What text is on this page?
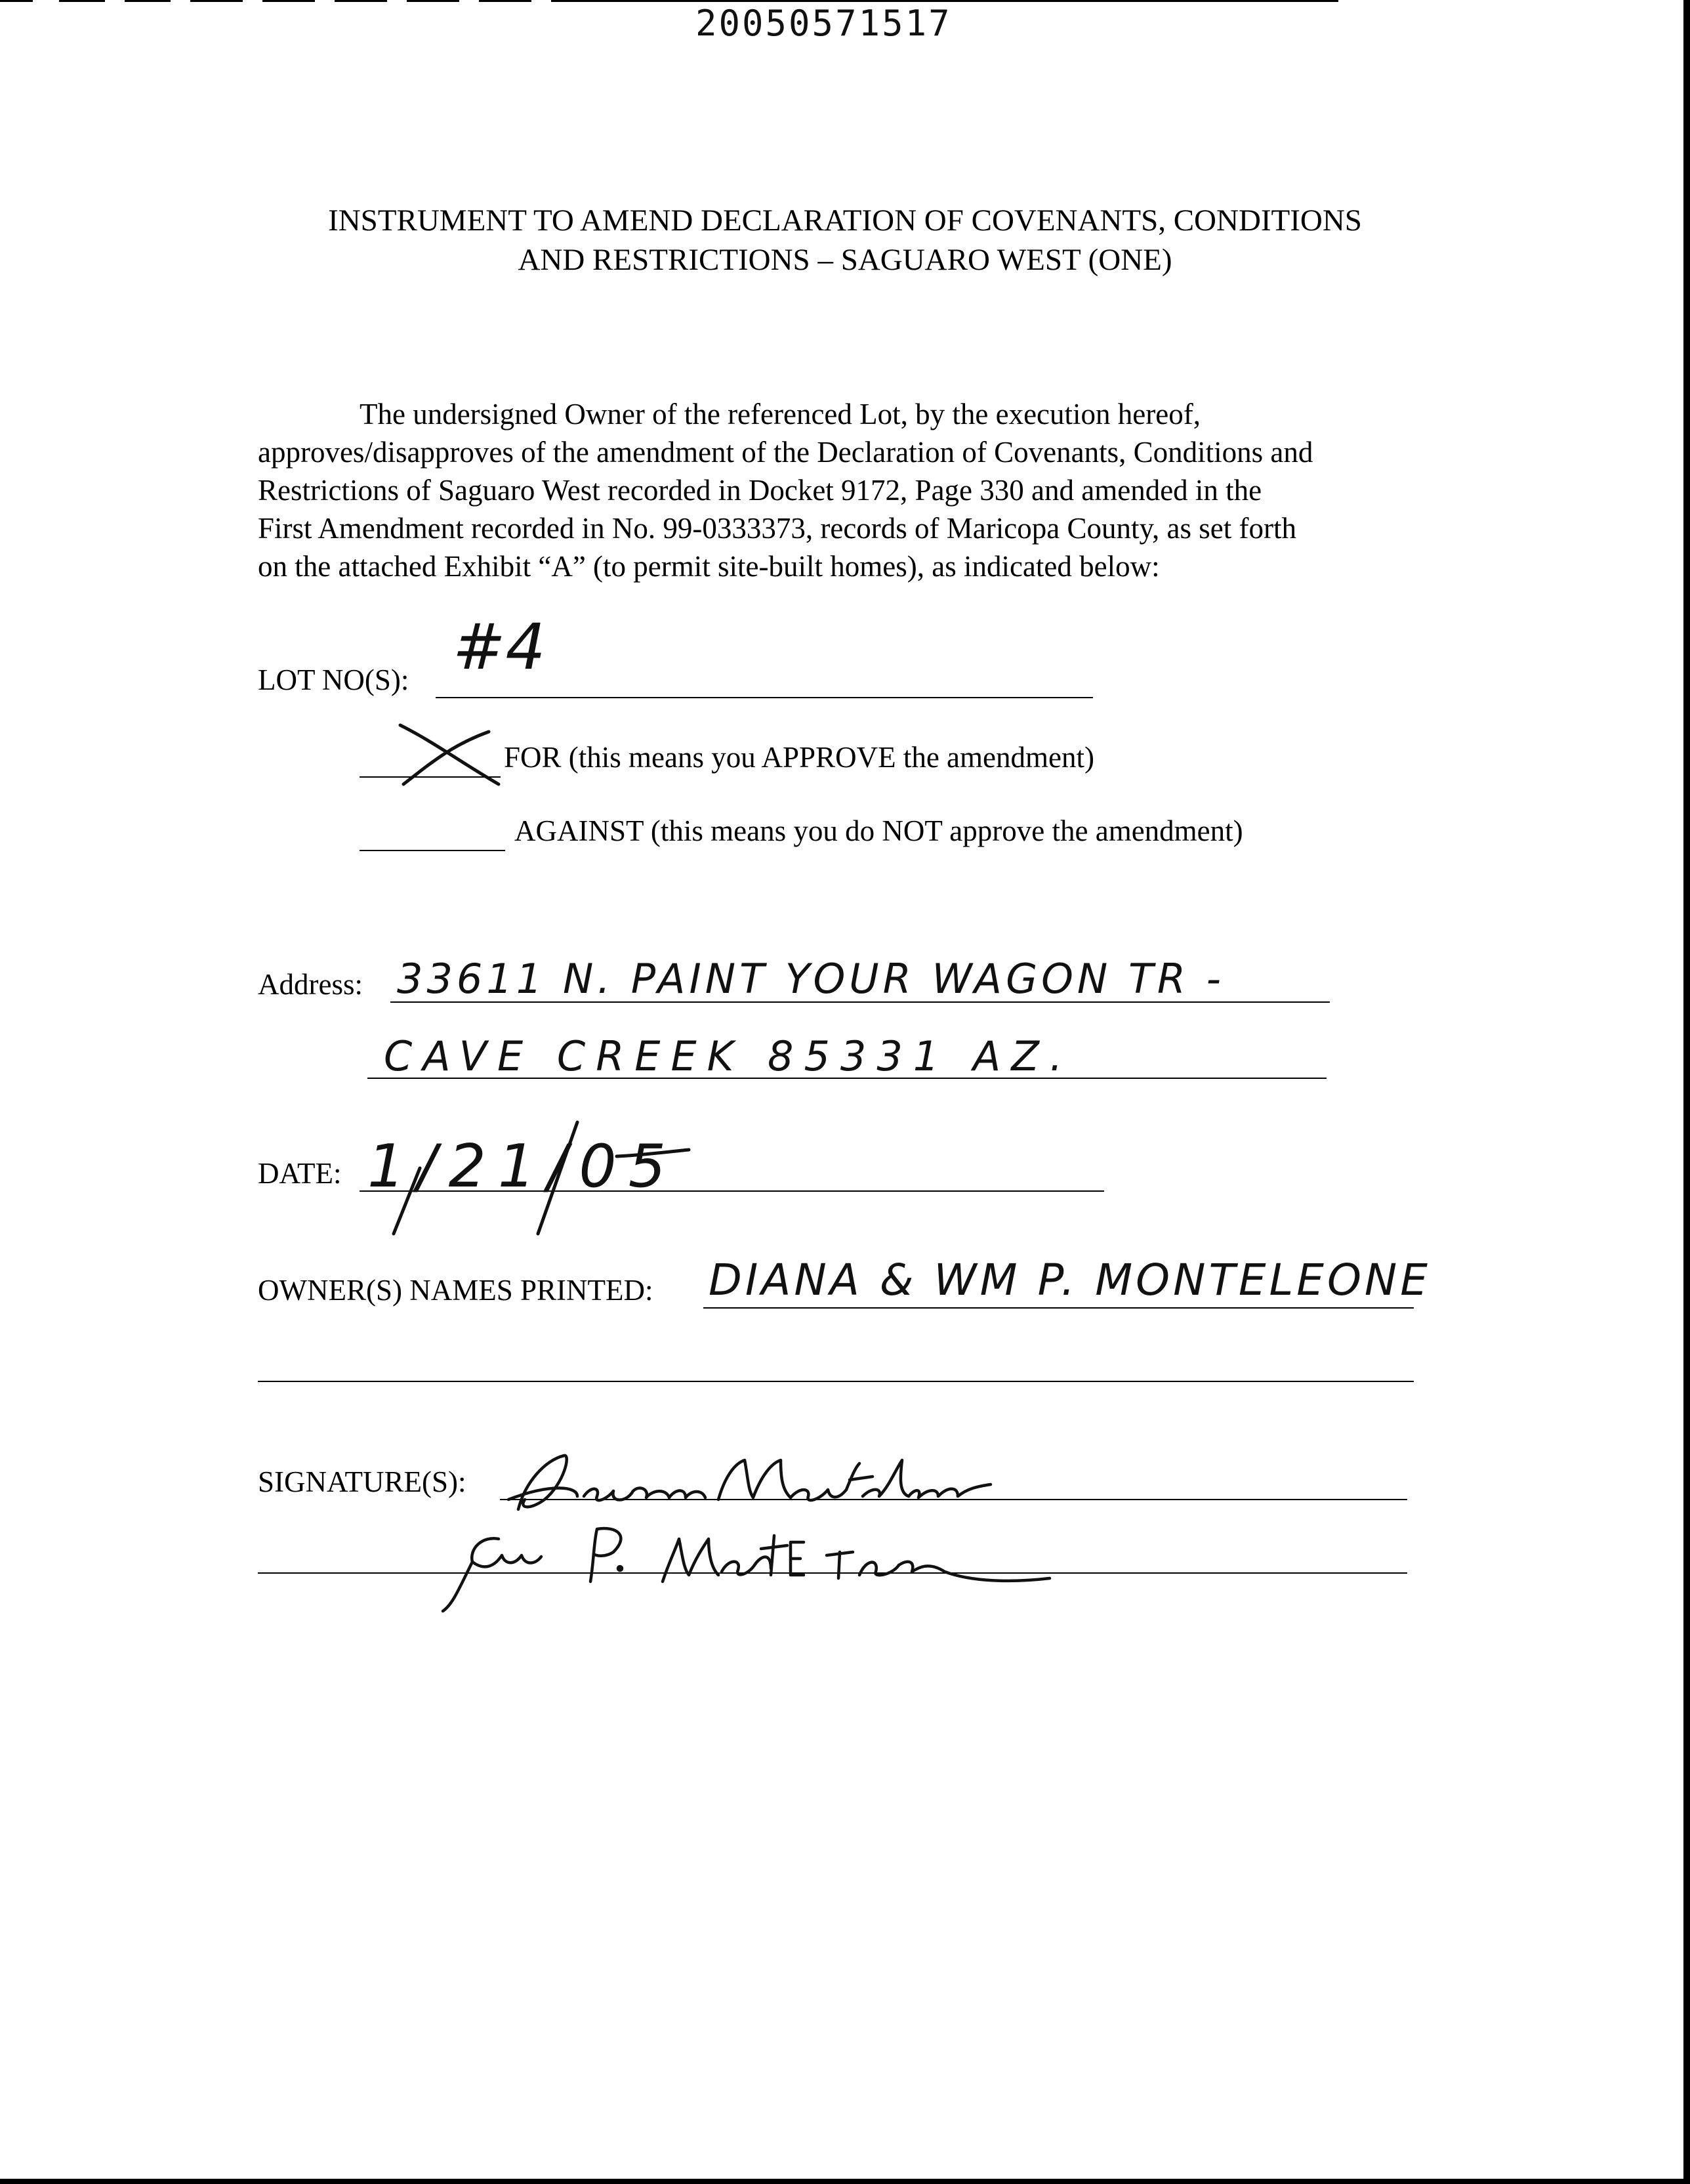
20050571517
INSTRUMENT TO AMEND DECLARATION OF COVENANTS, CONDITIONS
AND RESTRICTIONS – SAGUARO WEST (ONE)
The undersigned Owner of the referenced Lot, by the execution hereof,
approves/disapproves of the amendment of the Declaration of Covenants, Conditions and
Restrictions of Saguaro West recorded in Docket 9172, Page 330 and amended in the
First Amendment recorded in No. 99-0333373, records of Maricopa County, as set forth
on the attached Exhibit “A” (to permit site-built homes), as indicated below:
LOT NO(S): #4
FOR (this means you APPROVE the amendment)
AGAINST (this means you do NOT approve the amendment)
Address: 33611 N. PAINT YOUR WAGON TR -
CAVE CREEK 85331 AZ.
DATE: 1/21/05
OWNER(S) NAMES PRINTED: DIANA & WM P. MONTELEONE
SIGNATURE(S):
